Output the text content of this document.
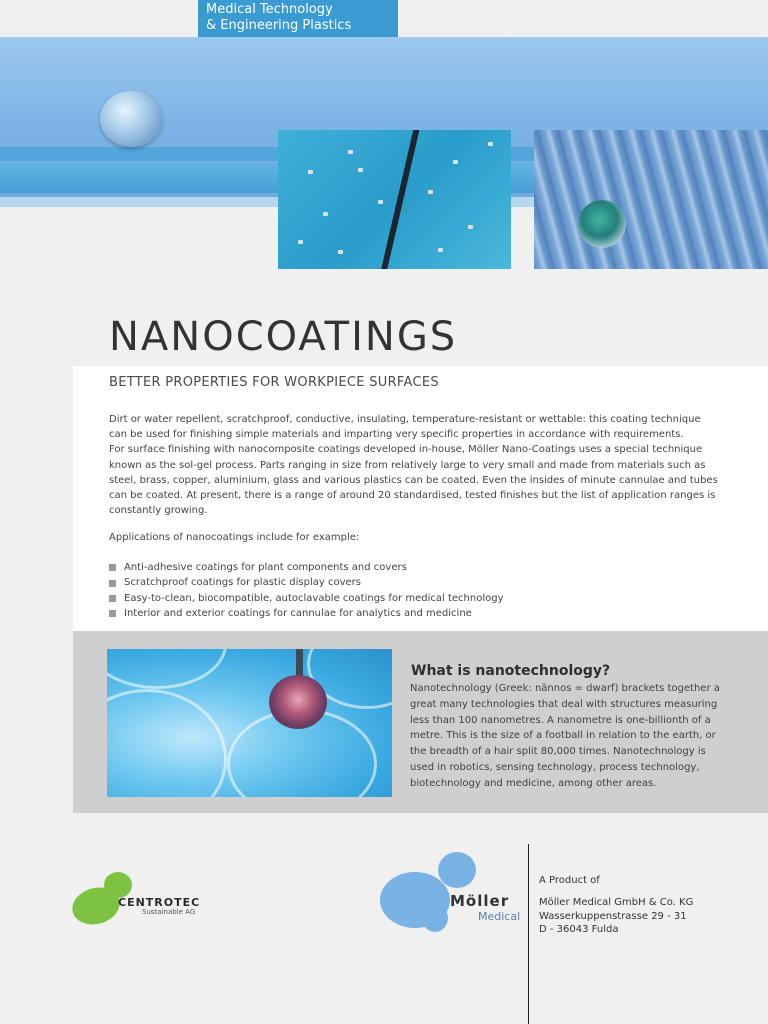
Medical Technology
& Engineering Plastics
NANOCOATINGS
BETTER PROPERTIES FOR WORKPIECE SURFACES

Dirt or water repellent, scratchproof, conductive, insulating, temperature-resistant or wettable: this coating technique can be used for finishing simple materials and imparting very specific properties in accordance with requirements.

For surface finishing with nanocomposite coatings developed in-house, Möller Nano-Coatings uses a special technique known as the sol-gel process. Parts ranging in size from relatively large to very small and made from materials such as steel, brass, copper, aluminium, glass and various plastics can be coated. Even the insides of minute cannulae and tubes can be coated. At present, there is a range of around 20 standardised, tested finishes but the list of application ranges is constantly growing.

Applications of nanocoatings include for example:
Anti-adhesive coatings for plant components and covers
Scratchproof coatings for plastic display covers
Easy-to-clean, biocompatible, autoclavable coatings for medical technology
Interior and exterior coatings for cannulae for analytics and medicine
What is nanotechnology?
Nanotechnology (Greek: nãnnos = dwarf) brackets together a great many technologies that deal with structures measuring less than 100 nanometres. A nanometre is one-billionth of a metre. This is the size of a football in relation to the earth, or the breadth of a hair split 80,000 times. Nanotechnology is used in robotics, sensing technology, process technology, biotechnology and medicine, among other areas.
CENTROTEC
Sustainable AG
Möller
Medical
A Product of
Möller Medical GmbH & Co. KG
Wasserkuppenstrasse 29 - 31
D - 36043 Fulda
